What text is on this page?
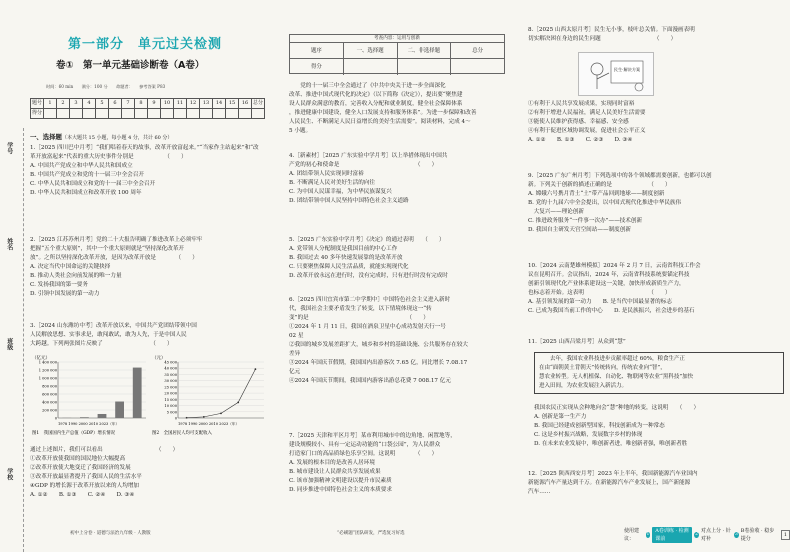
学号
姓名
班级
学校
第一部分　单元过关检测
卷①　第一单元基础诊断卷（A卷）
时间：60 min　　满分：100 分　　命题者：　　参考答案 P83
题号	1	2	3	4	5	6	7	8	9	10	11	12	13	14	15	16	总分
得分																	
一、选择题（本大题共 15 小题，每小题 4 分，共计 60 分）

1.［2025 四川巴中月考］“我们唱着春天的故事，改革开放富起来。”“当家作主站起来”和“改

革开放富起来”代表的重大历史事件分别是　　　　　　（　　）

A. 中国共产党成立和中华人民共和国成立

B. 中国共产党成立和党的十一届三中全会召开

C. 中华人民共和国成立和党的十一届三中全会召开

D. 中华人民共和国成立和改革开放 100 周年

2.［2025 江苏苏州月考］党的二十大报告明确了推进改革上必须牢牢

把握“五个重大原则”，其中一个重大原则就是“坚持深化改革开

放”。之所以坚持深化改革开放，是因为改革开放是　　　　（　　）

A. 决定当代中国命运的关键抉择

B. 推动人类社会向前发展的唯一力量

C. 发扬我国的第一要务

D. 引领中国发展的第一动力

3.［2024 山东潍坊中考］改革开放以来，中国共产党团结带领中国

人民解放思想、实事求是，敢闯敢试，敢为人先，于是中国人民

大跨越。下列两张图片反映了　　　　　　　　　（　　）

（亿元）
1 400 000
1 200 000
1 000 000
800 000
600 000
400 000
200 000
0
1978 1990 2000 2010 2023（年）
图1　我国国内生产总值（GDP）增长情况
（元）
45 000
40 000
35 000
30 000
25 000
20 000
15 000
10 000
5 000
0
1978 1990 2000 2010 2023（年）
图2　全国居民人均可支配收入

通过上述图片，我们可以看出　　　　　　　　　　（　　）

①改革开放使我国的国民地位大幅提高

②改革开放使大地变迁了我国经济的发展

③改革开放最显著提升了我国人民的生活水平

④GDP 的增长源于改革开放以来的人均增加

A. ①②　　B. ①③　　C. ②④　　D. ③④

初中上分卷 · 道德与法治九年级 · 人教版
考查内容：运用与创新
题序	一、选择题	二、非选择题	总分
得分

　　党的十一届三中全会通过了《中共中央关于进一步全面深化

改革、推进中国式现代化的决定》（以下简称《决定》），提出要“聚焦建

设人民群众满意的教育，完善收入分配和就业制度，健全社会保障体系

，推进健康中国建设，健全人口发展支持和服务体系”。为进一步保障和改善

人民民生、不断满足人民日益增长的美好生活需要”。阅读材料，完成 4～

5 小题。

4.［新素材］［2025 广东实验中学月考］以上举措体现出中国共

产党的初心和使命是　　　　　　　　　　　　　　（　　）

A. 团结带领人民实现同时富裕

B. 不断满足人民对美好生活的向往

C. 为中国人民谋幸福，为中华民族谋复兴

D. 团结带领中国人民坚持中国特色社会主义道路

5.［2025 广东实验中学月考］《决定》的通过表明　　（　　）

A. 党带领人分配制度是我国目前的中心工作

B. 我国过去 40 多年快速发展靠的是改革开放

C. 只要聚焦保障人民生活品质，就能实现现代化

D. 改革开放永远在进行时，没有完成时，只有进行时没有完成时

6.［2025 四川宜宾市第二中学期中］中国特色社会主义进入新时

代，我国社会主要矛盾发生了转变，以下情境体现这一“转

变”的是　　　　　　　　　　　　　　　　　　（　　）

①2024 年 1 月 11 日，我国在酒泉卫星中心成功发射天行一号

02 星

②我国的城乡发展差距扩大，城乡和乡村的基础设施、公共服务存在较大

差异

③2024 年国庆节假期，我国国内出游客次 7.65 亿，同比增长 7.08.17

亿元

④2024 年国庆节期间，我国国内游客出游总花费 7 008.17 亿元

7.［2025 天津和平区月考］某市利用城市中的边角地、闲置地等，

建设规模较小、具有一定运动功能的“口袋公园”，为人民群众

打造家门口的高品质绿色乐享空间。这说明　　　　（　　）

A. 发展的根本目的是改善人居环境

B. 城市建设让人民群众共享发展成果

C. 该市加强精神文明建设以提升市民素质

D. 同步推进中国特色社会主义的本质要求

“必刷题”团队研发，严选复习好选

8.［2025 山西太原月考］民生无小事，枝叶总关情。下面漫画表明

切实解决困在身边的民生问题　　　　　　　　　　（　　）

民生·解决方案

①有利于人民共享发展成果，实现同时富裕

②有利于增进人民福祉，满足人民美好生活需要

③能使人民维护获得感、幸福感、安全感

④有利于促进区域协调发展，促进社会公平正义

A. ①②　　B. ①③　　C. ②③　　D. ③④

9.［2025 广东广州月考］下列选项中的各个领域都需要创新，也都可以创

新。下列关于创新的描述正确的是　　　　　　　（　　）

A. 嫦娥六号携月背土“土”带产品回到地球——制度创新

B. 党的十九届六中全会提出，以中国式现代化推进中华民族伟

　大复兴——理论创新

C. 推进政务服务“一件事一次办”——技术创新

D. 我国自主研发天宫空间站——制度创新

10.［2024 云南楚雄州模拟］2024 年 2 月 7 日，云南省科技工作会

议在昆明召开。会议指出，2024 年，云南省科技系统要锚定科技

创新引领现代化产业体系建设这一关键，加快形成新质生产力，

也标志着开始。这表明　　　　　　　　　　　　（　　）

A. 基引领发展的第一动力　　B. 是当代中国最显著的标志

C. 已成为我国当前工作的中心　　D. 是民族振兴，社会进步的基石

11.［2025 山西吕梁月考］从众到“慧”

　　去年，我国农业科技进步贡献率超过 60%，粮食生产正

在由“面朝黄土背朝天”传统转向，传统农业向“智”，

慧农业转型。无人机植保、自动化、物联网等农业“黑科技”加快

进入田间，为农业发展注入新活力。

我国农民正实现从会种地向会“慧”种地的转变，这说明　　（　　）

A. 创新是第一生产力

B. 我国已经建成创新型国家，科技创新成为一种常态

C. 这是乡村振兴战略，发展数字乡村的体现

D. 在未来农业发展中，唯创新者进，唯创新者强，唯创新者胜

12.［2025 陕西西安月考］2023 年上半年，我国新能源汽车业国内

新能源汽车产量达到千万。在新能源汽车产业发展上，国产新能源

汽车……

使用建议：
1
A卷训练 · 检测课前
2
对点上分 · 针对补
3
B卷验收 · 稳步提分
1
